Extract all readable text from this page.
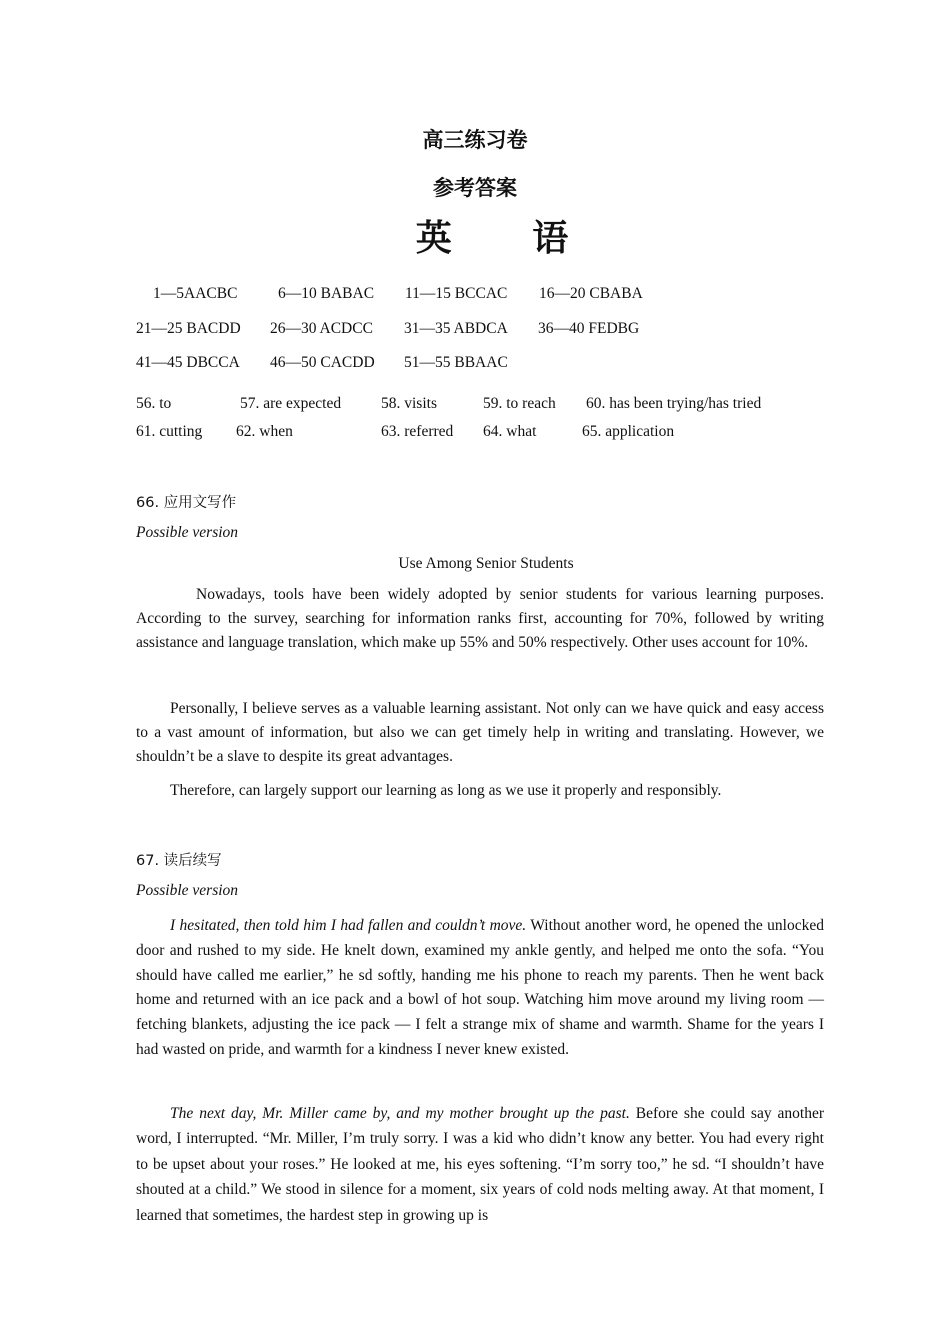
高三练习卷
参考答案
英 语
1—5AACBC	6—10 BABAC 11—15 BCCAC 16—20 CBABA
21—25 BACDD 26—30 ACDCC 31—35 ABDCA 36—40 FEDBG
41—45 DBCCA 46—50 CACDD 51—55 BBAAC
56. to	57. are expected	58. visits	59. to reach 60. has been trying/has tried
61. cutting 62. when	63. referred 64. what	65. application
66. 应用文写作
Possible version
Use Among Senior Students

Nowadays, tools have been widely adopted by senior students for various learning purposes. According to the survey, searching for information ranks first, accounting for 70%, followed by writing assistance and language translation, which make up 55% and 50% respectively. Other uses account for 10%.

Personally, I believe serves as a valuable learning assistant. Not only can we have quick and easy access to a vast amount of information, but also we can get timely help in writing and translating. However, we shouldn’t be a slave to despite its great advantages.

Therefore, can largely support our learning as long as we use it properly and responsibly.

67. 读后续写
Possible version

I hesitated, then told him I had fallen and couldn’t move. Without another word, he opened the unlocked door and rushed to my side. He knelt down, examined my ankle gently, and helped me onto the sofa. “You should have called me earlier,” he sd softly, handing me his phone to reach my parents. Then he went back home and returned with an ice pack and a bowl of hot soup. Watching him move around my living room — fetching blankets, adjusting the ice pack — I felt a strange mix of shame and warmth. Shame for the years I had wasted on pride, and warmth for a kindness I never knew existed.

The next day, Mr. Miller came by, and my mother brought up the past. Before she could say another word, I interrupted. “Mr. Miller, I’m truly sorry. I was a kid who didn’t know any better. You had every right to be upset about your roses.” He looked at me, his eyes softening. “I’m sorry too,” he sd. “I shouldn’t have shouted at a child.” We stood in silence for a moment, six years of cold nods melting away. At that moment, I learned that sometimes, the hardest step in growing up is
